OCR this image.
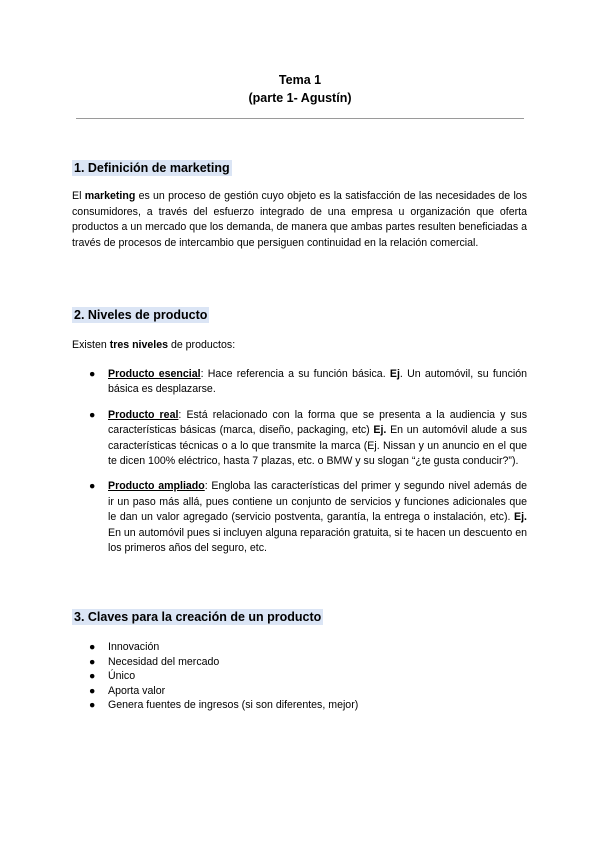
Tema 1
(parte 1- Agustín)
1. Definición de marketing
El marketing es un proceso de gestión cuyo objeto es la satisfacción de las necesidades de los consumidores, a través del esfuerzo integrado de una empresa u organización que oferta productos a un mercado que los demanda, de manera que ambas partes resulten beneficiadas a través de procesos de intercambio que persiguen continuidad en la relación comercial.
2. Niveles de producto
Existen tres niveles de productos:
● Producto esencial: Hace referencia a su función básica. Ej. Un automóvil, su función básica es desplazarse.
● Producto real: Está relacionado con la forma que se presenta a la audiencia y sus características básicas (marca, diseño, packaging, etc) Ej. En un automóvil alude a sus características técnicas o a lo que transmite la marca (Ej. Nissan y un anuncio en el que te dicen 100% eléctrico, hasta 7 plazas, etc. o BMW y su slogan “¿te gusta conducir?”).
● Producto ampliado: Engloba las características del primer y segundo nivel además de ir un paso más allá, pues contiene un conjunto de servicios y funciones adicionales que le dan un valor agregado (servicio postventa, garantía, la entrega o instalación, etc). Ej. En un automóvil pues si incluyen alguna reparación gratuita, si te hacen un descuento en los primeros años del seguro, etc.
3. Claves para la creación de un producto
● Innovación
● Necesidad del mercado
● Único
● Aporta valor
● Genera fuentes de ingresos (si son diferentes, mejor)
